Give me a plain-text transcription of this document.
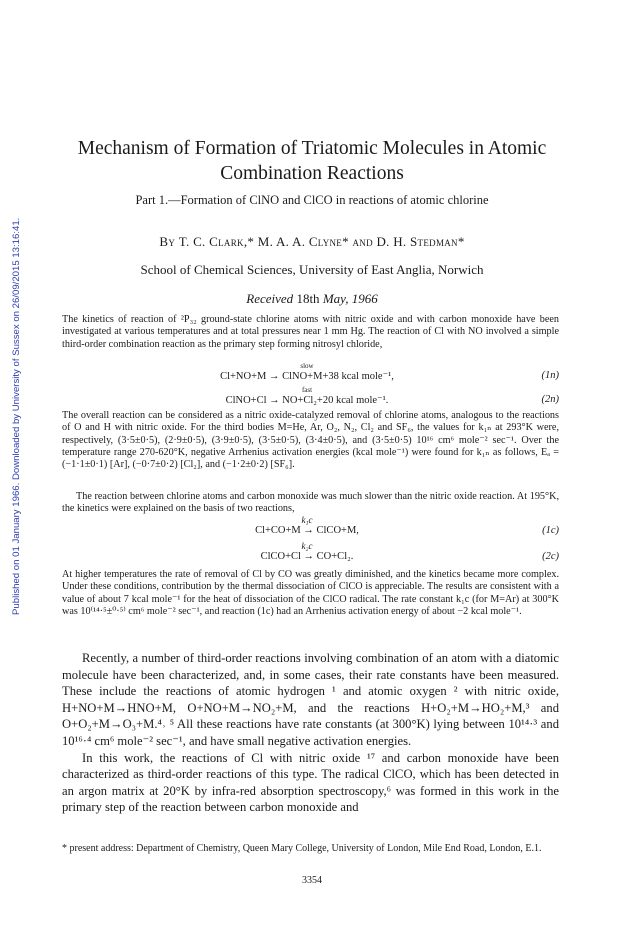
Published on 01 January 1966. Downloaded by University of Sussex on 26/09/2015 13:16:41.
Mechanism of Formation of Triatomic Molecules in Atomic
Combination Reactions
Part 1.—Formation of ClNO and ClCO in reactions of atomic chlorine
By T. C. Clark,* M. A. A. Clyne* and D. H. Stedman*
School of Chemical Sciences, University of East Anglia, Norwich
Received 18th May, 1966
The kinetics of reaction of ²P₃₂ ground-state chlorine atoms with nitric oxide and with carbon monoxide have been investigated at various temperatures and at total pressures near 1 mm Hg. The reaction of Cl with NO involved a simple third-order combination reaction as the primary step forming nitrosyl chloride,
slow
Cl+NO+M → ClNO+M+38 kcal mole⁻¹,	(1n)
fast
ClNO+Cl → NO+Cl₂+20 kcal mole⁻¹.	(2n)
The overall reaction can be considered as a nitric oxide-catalyzed removal of chlorine atoms, analogous to the reactions of O and H with nitric oxide. For the third bodies M=He, Ar, O₂, N₂, Cl₂ and SF₆, the values for k₁ₙ at 293°K were, respectively, (3·5±0·5), (2·9±0·5), (3·9±0·5), (3·5±0·5), (3·4±0·5), and (3·5±0·5) 10¹⁶ cm⁶ mole⁻² sec⁻¹. Over the temperature range 270-620°K, negative Arrhenius activation energies (kcal mole⁻¹) were found for k₁ₙ as follows, Eₐ = (−1·1±0·1) [Ar], (−0·7±0·2) [Cl₂], and (−1·2±0·2) [SF₆].
The reaction between chlorine atoms and carbon monoxide was much slower than the nitric oxide reaction. At 195°K, the kinetics were explained on the basis of two reactions,
k₁c
Cl+CO+M → ClCO+M,	(1c)
k₂c
ClCO+Cl → CO+Cl₂.	(2c)
At higher temperatures the rate of removal of Cl by CO was greatly diminished, and the kinetics became more complex. Under these conditions, contribution by the thermal dissociation of ClCO is appreciable. The results are consistent with a value of about 7 kcal mole⁻¹ for the heat of dissociation of the ClCO radical. The rate constant k₁c (for M=Ar) at 300°K was 10⁽¹⁴·⁵±⁰·⁵⁾ cm⁶ mole⁻² sec⁻¹, and reaction (1c) had an Arrhenius activation energy of about −2 kcal mole⁻¹.

Recently, a number of third-order reactions involving combination of an atom with a diatomic molecule have been characterized, and, in some cases, their rate constants have been measured. These include the reactions of atomic hydrogen ¹ and atomic oxygen ² with nitric oxide, H+NO+M→HNO+M, O+NO+M→NO₂+M, and the reactions H+O₂+M→HO₂+M,³ and O+O₂+M→O₃+M.⁴˒ ⁵ All these reactions have rate constants (at 300°K) lying between 10¹⁴·³ and 10¹⁶·⁴ cm⁶ mole⁻² sec⁻¹, and have small negative activation energies.

In this work, the reactions of Cl with nitric oxide ¹⁷ and carbon monoxide have been characterized as third-order reactions of this type. The radical ClCO, which has been detected in an argon matrix at 20°K by infra-red absorption spectroscopy,⁶ was formed in this work in the primary step of the reaction between carbon monoxide and

* present address: Department of Chemistry, Queen Mary College, University of London, Mile End Road, London, E.1.
3354
